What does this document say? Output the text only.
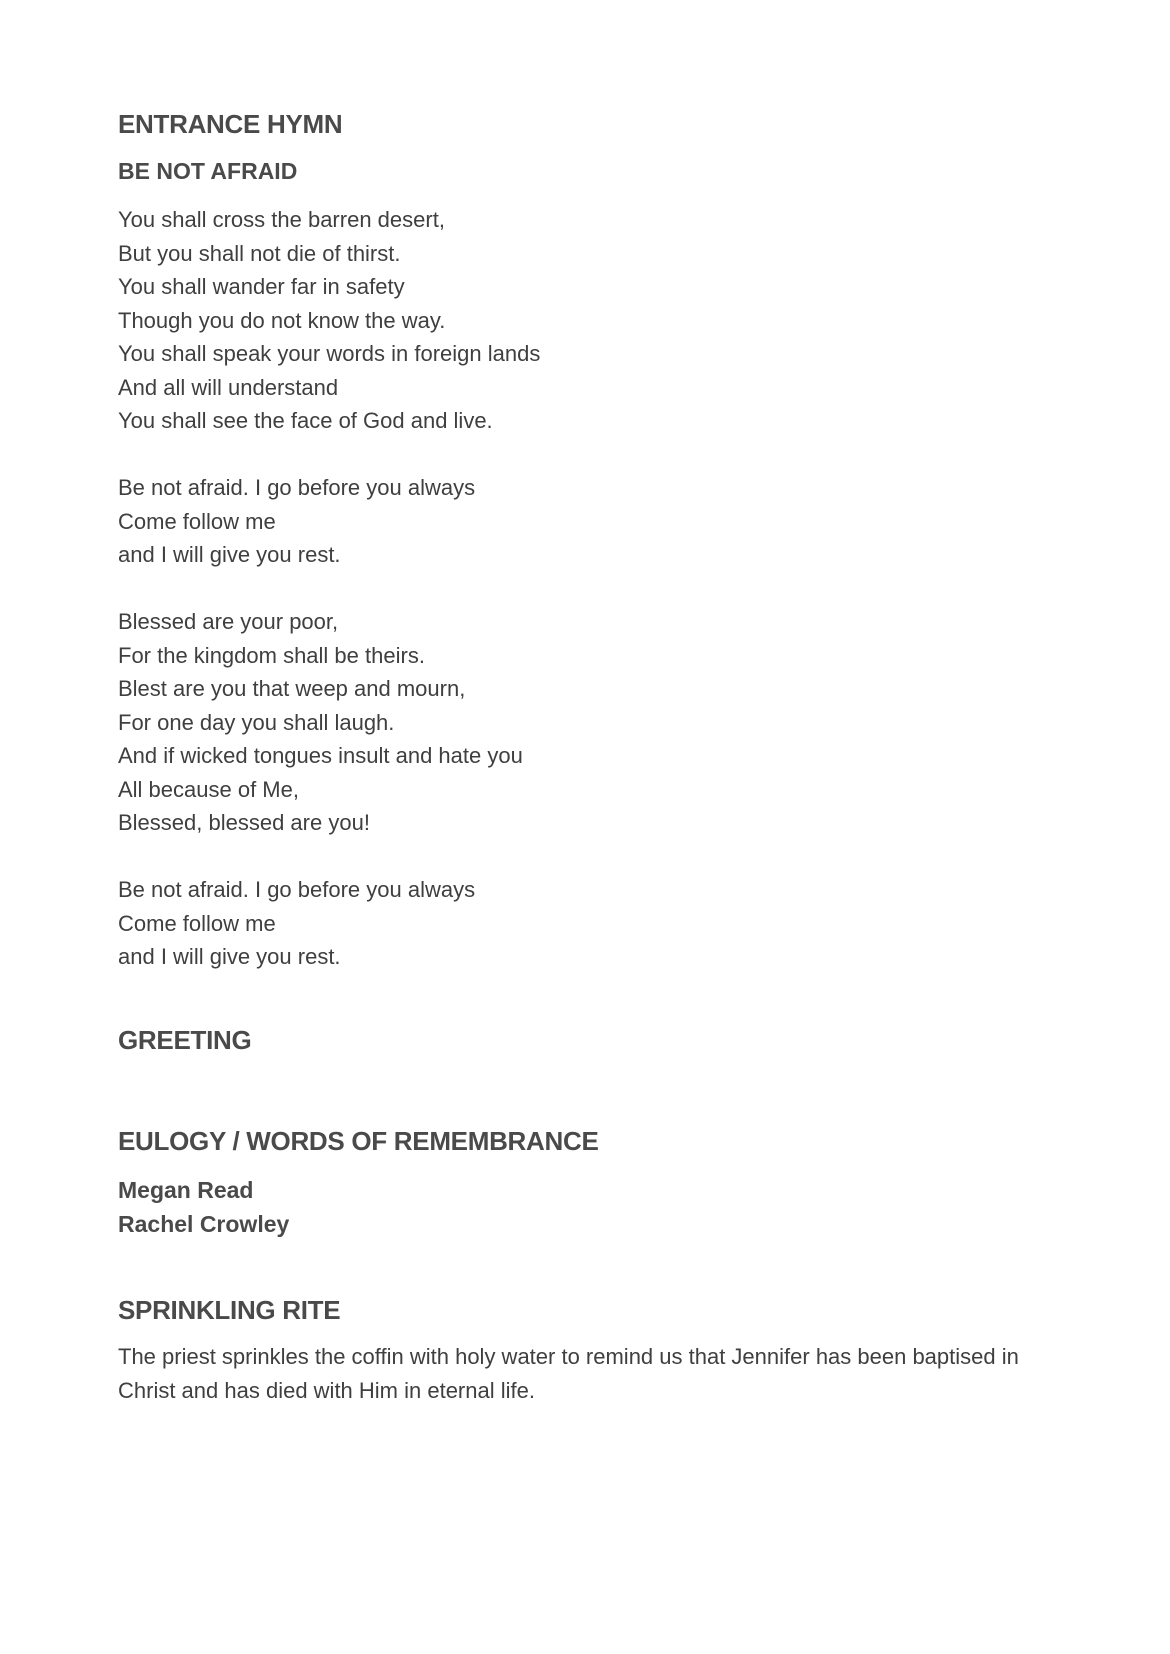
ENTRANCE HYMN
BE NOT AFRAID
You shall cross the barren desert,
But you shall not die of thirst.
You shall wander far in safety
Though you do not know the way.
You shall speak your words in foreign lands
And all will understand
You shall see the face of God and live.
Be not afraid. I go before you always
Come follow me
and I will give you rest.
Blessed are your poor,
For the kingdom shall be theirs.
Blest are you that weep and mourn,
For one day you shall laugh.
And if wicked tongues insult and hate you
All because of Me,
Blessed, blessed are you!
Be not afraid. I go before you always
Come follow me
and I will give you rest.
GREETING
EULOGY / WORDS OF REMEMBRANCE
Megan Read
Rachel Crowley
SPRINKLING RITE

The priest sprinkles the coffin with holy water to remind us that Jennifer has been baptised in Christ and has died with Him in eternal life.
